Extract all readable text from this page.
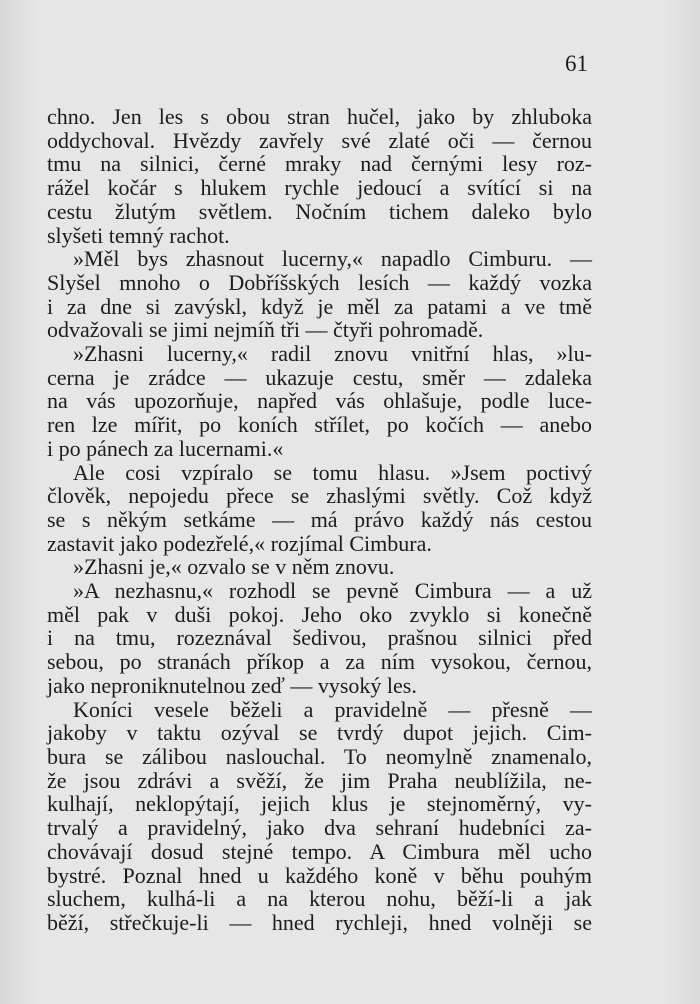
61
chno. Jen les s obou stran hučel, jako by zhluboka
oddychoval. Hvězdy zavřely své zlaté oči — černou
tmu na silnici, černé mraky nad černými lesy roz-
rážel kočár s hlukem rychle jedoucí a svítící si na
cestu žlutým světlem. Nočním tichem daleko bylo
slyšeti temný rachot.
»Měl bys zhasnout lucerny,« napadlo Cimburu. —
Slyšel mnoho o Dobříšských lesích — každý vozka
i za dne si zavýskl, když je měl za patami a ve tmě
odvažovali se jimi nejmíň tři — čtyři pohromadě.
»Zhasni lucerny,« radil znovu vnitřní hlas, »lu-
cerna je zrádce — ukazuje cestu, směr — zdaleka
na vás upozorňuje, napřed vás ohlašuje, podle luce-
ren lze mířit, po koních střílet, po kočích — anebo
i po pánech za lucernami.«
Ale cosi vzpíralo se tomu hlasu. »Jsem poctivý
člověk, nepojedu přece se zhaslými světly. Což když
se s někým setkáme — má právo každý nás cestou
zastavit jako podezřelé,« rozjímal Cimbura.
»Zhasni je,« ozvalo se v něm znovu.
»A nezhasnu,« rozhodl se pevně Cimbura — a už
měl pak v duši pokoj. Jeho oko zvyklo si konečně
i na tmu, rozeznával šedivou, prašnou silnici před
sebou, po stranách příkop a za ním vysokou, černou,
jako neproniknutelnou zeď — vysoký les.
Koníci vesele běželi a pravidelně — přesně —
jakoby v taktu ozýval se tvrdý dupot jejich. Cim-
bura se zálibou naslouchal. To neomylně znamenalo,
že jsou zdrávi a svěží, že jim Praha neublížila, ne-
kulhají, neklopýtají, jejich klus je stejnoměrný, vy-
trvalý a pravidelný, jako dva sehraní hudebníci za-
chovávají dosud stejné tempo. A Cimbura měl ucho
bystré. Poznal hned u každého koně v běhu pouhým
sluchem, kulhá-li a na kterou nohu, běží-li a jak
běží, střečkuje-li — hned rychleji, hned volněji se
